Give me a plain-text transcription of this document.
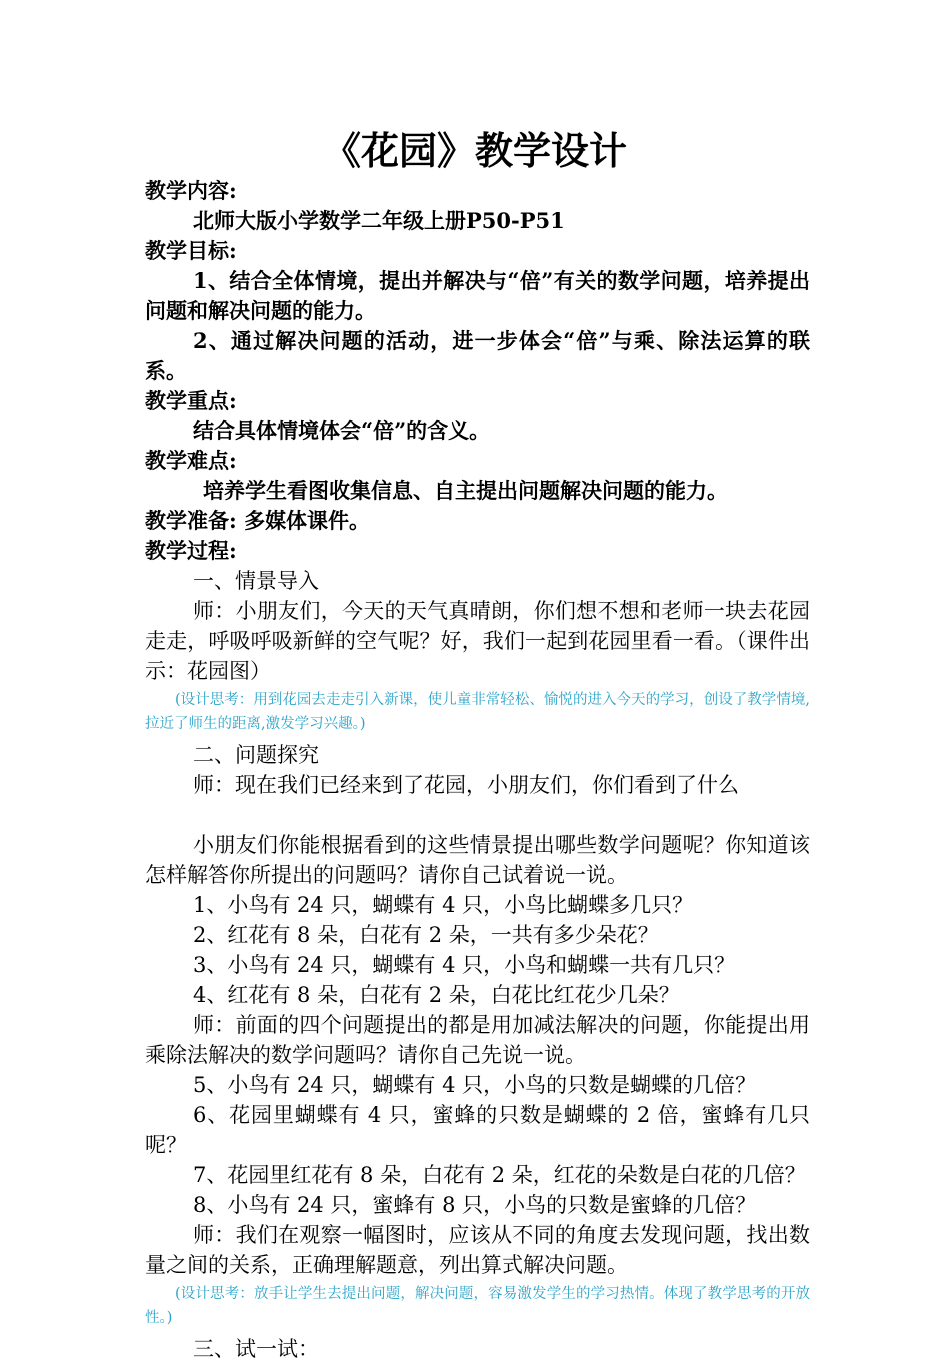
《花园》教学设计

教学内容:

北师大版小学数学二年级上册P50-P51

教学目标:

1、结合全体情境，提出并解决与“倍”有关的数学问题，培养提出问题和解决问题的能力。

2、通过解决问题的活动，进一步体会“倍”与乘、除法运算的联系。

教学重点:

结合具体情境体会“倍”的含义。

教学难点:

培养学生看图收集信息、自主提出问题解决问题的能力。

教学准备: 多媒体课件。

教学过程:

一、情景导入

师：小朋友们，今天的天气真晴朗，你们想不想和老师一块去花园走走，呼吸呼吸新鲜的空气呢？好，我们一起到花园里看一看。（课件出示：花园图）

(设计思考：用到花园去走走引入新课，使儿童非常轻松、愉悦的进入今天的学习，创设了教学情境,拉近了师生的距离,激发学习兴趣。)

二、问题探究

师：现在我们已经来到了花园，小朋友们，你们看到了什么

小朋友们你能根据看到的这些情景提出哪些数学问题呢？你知道该怎样解答你所提出的问题吗？请你自己试着说一说。

1、小鸟有 24 只，蝴蝶有 4 只，小鸟比蝴蝶多几只？

2、红花有 8 朵，白花有 2 朵，一共有多少朵花？

3、小鸟有 24 只，蝴蝶有 4 只，小鸟和蝴蝶一共有几只？

4、红花有 8 朵，白花有 2 朵，白花比红花少几朵？

师：前面的四个问题提出的都是用加减法解决的问题，你能提出用乘除法解决的数学问题吗？请你自己先说一说。

5、小鸟有 24 只，蝴蝶有 4 只，小鸟的只数是蝴蝶的几倍？

6、花园里蝴蝶有 4 只，蜜蜂的只数是蝴蝶的 2 倍，蜜蜂有几只呢？

7、花园里红花有 8 朵，白花有 2 朵，红花的朵数是白花的几倍？

8、小鸟有 24 只，蜜蜂有 8 只，小鸟的只数是蜜蜂的几倍？

师：我们在观察一幅图时，应该从不同的角度去发现问题，找出数量之间的关系，正确理解题意，列出算式解决问题。

(设计思考：放手让学生去提出问题，解决问题，容易激发学生的学习热情。体现了教学思考的开放性。)

三、试一试：
